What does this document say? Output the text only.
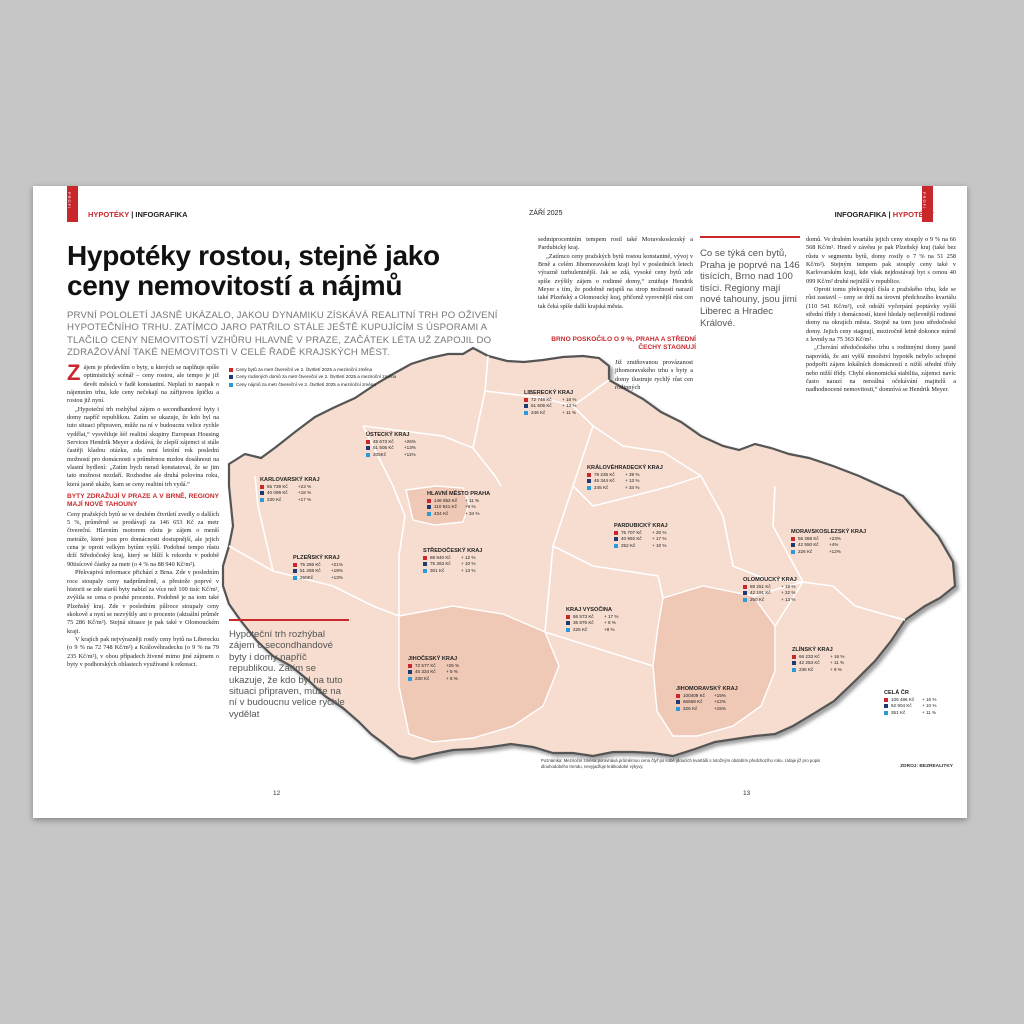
PROFI	PROFI
HYPOTÉKY | INFOGRAFIKA	ZÁŘÍ 2025	INFOGRAFIKA | HYPOTÉKY
Hypotéky rostou, stejně jako ceny nemovitostí a nájmů
PRVNÍ POLOLETÍ JASNĚ UKÁZALO, JAKOU DYNAMIKU ZÍSKÁVÁ REALITNÍ TRH PO OŽIVENÍ HYPOTEČNÍHO TRHU. ZATÍMCO JARO PATŘILO STÁLE JEŠTĚ KUPUJÍCÍM S ÚSPORAMI A TLAČILO CENY NEMOVITOSTÍ VZHŮRU HLAVNĚ V PRAZE, ZAČÁTEK LÉTA UŽ ZAPOJIL DO ZDRAŽOVÁNÍ TAKÉ NEMOVITOSTI V CELÉ ŘADĚ KRAJSKÝCH MĚST.

Zájem je především o byty, u kterých se naplňuje spíše optimistický scénář – ceny rostou, ale tempo je již devět měsíců v řadě konstantní. Neplatí to naopak o nájemním trhu, kde ceny nečekají na zářijovou špičku a rostou již nyní.

„Hypoteční trh rozhýbal zájem o secondhandové byty i domy napříč republikou. Zatím se ukazuje, že kdo byl na tuto situaci připraven, může na ní v budoucnu velice rychle vydělat,“ vysvětluje šéf realitní skupiny European Housing Services Hendrik Meyer a dodává, že zlepší zájemci si stále častěji kladou otázku, zda není letošní rok poslední možností pro domácnosti s průměrnou mzdou dosáhnout na vlastní bydlení: „Zatím bych nerad konstatoval, že se jim tato možnost nezdaří. Rozhodne ale druhá polovina roku, která jasně ukáže, kam se ceny realitní trh vydá.“

BYTY ZDRAŽUJÍ V PRAZE A V BRNĚ, REGIONY MAJÍ NOVÉ TAHOUNY

Ceny pražských bytů se ve druhém čtvrtletí zvedly o dalších 5 %, průměrně se prodávají za 146 653 Kč za metr čtvereční. Hlavním motorem růstu je zájem o menší metráže, které jsou pro domácnosti dostupnější, ale jejich cena je oproti velkým bytům vyšší. Podobné tempo růstu drží Středočeský kraj, který se blíží k rekordu v podobě 90tisícové částky za metr (o 4 % na 88 940 Kč/m²).

Překvapivá informace přichází z Brna. Zde v posledním roce stoupaly ceny nadprůměrně, a přestože poprvé v historii se zde starší byty nabízí za více než 100 tisíc Kč/m², zvýšila se cena o pouhé procento. Podobně je na tom také Plzeňský kraj. Zde v posledním půlroce stoupaly ceny skokově a nyní se nezvýšily ani o procento (aktuální průměr 75 286 Kč/m²). Stejná situace je pak také v Olomouckém kraji.

V krajích pak nejvýrazněji rostly ceny bytů na Liberecku (o 9 % na 72 748 Kč/m²) a Královéhradecku (o 9 % na 79 235 Kč/m²), v obou případech živené mimo jiné zájmem o byty v podhorských oblastech využívané k rekreaci.

Ceny bytů za metr čtvereční ve 2. čtvrtletí 2025 a meziroční změna
Ceny rodinných domů za metr čtvereční ve 2. čtvrtletí 2025 a meziroční změna
Ceny nájmů za metr čtvereční ve 2. čtvrtletí 2025 a meziroční změna
LIBERECKÝ KRAJ
72 748 Kč	+ 18 %
51 505 Kč	+ 13 %
248 Kč	+ 11 %
ÚSTECKÝ KRAJ
45 673 Kč	+26%
51 505 Kč	+13%
205Kč	+11%
KARLOVARSKÝ KRAJ
55 739 Kč	+23 %
40 099 Kč	+18 %
230 Kč	+17 %
HLAVNÍ MĚSTO PRAHA
146 653 Kč	+ 11 %
110 541 Kč	+6 %
434 Kč	+ 34 %
KRÁLOVÉHRADECKÝ KRAJ
79 235 Kč	+ 39 %
46 344 Kč	+ 13 %
245 Kč	+ 34 %
PLZEŇSKÝ KRAJ
75 286 Kč	+21%
51 258 Kč	+18%
260Kč	+13%
STŘEDOČESKÝ KRAJ
88 940 Kč	+ 12 %
75 363 Kč	+ 10 %
301 Kč	+ 13 %
PARDUBICKÝ KRAJ
75 707 Kč	+ 20 %
40 992 Kč	+ 17 %
252 Kč	+ 10 %
MORAVSKOSLEZSKÝ KRAJ
56 368 Kč	+23%
42 550 Kč	+4%
226 Kč	+12%
OLOMOUCKÝ KRAJ
69 251 Kč	+ 19 %
42 191 Kč	+ 22 %
260 Kč	+ 13 %
KRAJ VYSOČINA
66 573 Kč	+ 17 %
36 875 Kč	+ 6 %
225 Kč	+8 %
JIHOČESKÝ KRAJ
72 577 Kč	+25 %
46 334 Kč	+ 5 %
230 Kč	+ 6 %
ZLÍNSKÝ KRAJ
66 233 Kč	+ 16 %
42 253 Kč	+ 11 %
236 Kč	+ 9 %
JIHOMORAVSKÝ KRAJ
100409 Kč	+15%
66568 Kč	+12%
326 Kč	+15%
CELÁ ČR
106 486 Kč	+ 16 %
62 904 Kč	+ 10 %
351 Kč	+ 11 %
Hypoteční trh rozhýbal zájem o secondhandové byty i domy napříč republikou. Zatím se ukazuje, že kdo byl na tuto situaci připraven, může na ní v budoucnu velice rychle vydělat
12	13

sedmiprocentním tempem rostl také Moravskoslezský a Pardubický kraj.

„Zatímco ceny pražských bytů rostou konstantně, vývoj v Brně a celém Jihomoravském kraji byl v posledních letech výrazně turbulentnější. Jak se zdá, vysoké ceny bytů zde spíše zvýšily zájem o rodinné domy,“ zmiňuje Hendrik Meyer s tím, že podobně nejspíš na strop možností narazil také Plzeňský a Olomoucký kraj, přičemž vyrovnější růst cen tak čeká spíše další krajská města.

BRNO POSKOČILO O 9 %, PRAHA A STŘEDNÍ ČECHY STAGNUJÍ
Již zmiňovanou provázanost jihomoravského trhu s byty a domy ilustruje rychlý růst cen rodinných
Co se týká cen bytů, Praha je poprvé na 146 tisících, Brno nad 100 tisíci. Regiony mají nové tahouny, jsou jimi Liberec a Hradec Králové.

domů. Ve druhém kvartálu jejich ceny stouply o 9 % na 66 568 Kč/m². Hned v závěsu je pak Plzeňský kraj (také bez růstu v segmentu bytů, domy rostly o 7 % na 51 258 Kč/m²). Stejným tempem pak stouply ceny také v Karlovarském kraji, kde však nejdostávají byt s cenou 40 099 Kč/m² druhé nejnižší v republice.

Oproti tomu překvapují čísla z pražského trhu, kde se růst zastavil – ceny se drží na úrovni předchozího kvartálu (110 541 Kč/m²), což odráží vyčerpání poptávky vyšší střední třídy i domácností, které hledaly nejlevnější rodinné domy na okrajích města. Stojně na tom jsou středočeské domy. Jejich ceny stagnují, meziročně letně dokonce mírně z levnily na 75 363 Kč/m².

„Chování středočeského trhu s rodinnými domy jasně napovídá, že ani vyšší množství hypoték nebylo schopné podpořit zájem lokálních domácností z nižší střední třídy nebo nižší třídy. Chybí ekonomická stabilita, zájemci navíc často narazí na nereálná očekávání majitelů a nadhodnocené nemovitosti,“ domnívá se Hendrik Meyer.

Poznámka: Meziroční změna porovnává průměrnou cenu čtyř po sobě jdoucích kvartálů s totožným obdobím předchozího roku. Údaje již pro popis dlouhodobého trendu, nevyjadřuje krátkodobé výkyvy.	ZDROJ: BEZREALITKY
